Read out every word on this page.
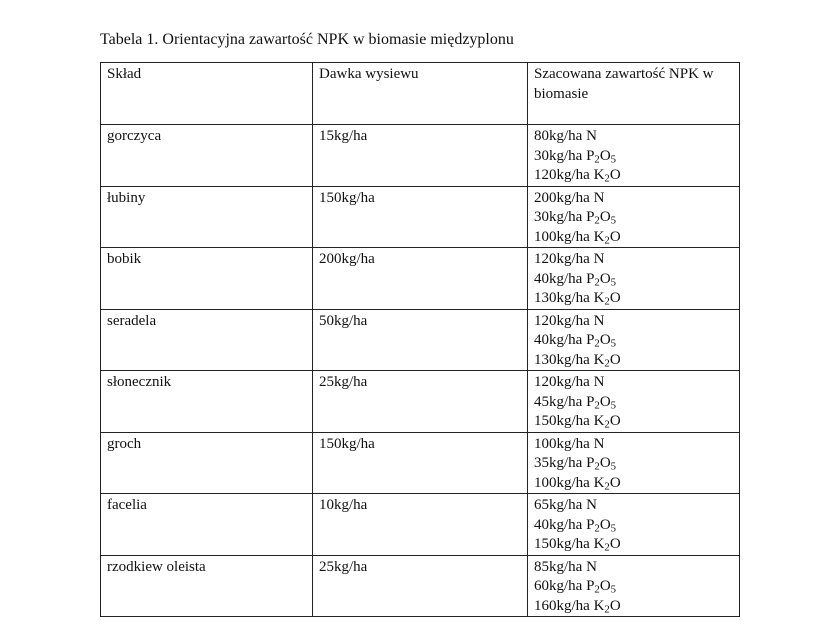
Tabela 1. Orientacyjna zawartość NPK w biomasie międzyplonu
Skład	Dawka wysiewu	Szacowana zawartość NPK w biomasie
gorczyca	15kg/ha	80kg/ha N
30kg/ha $P_2O_5$
120kg/ha $K_2O$

łubiny	150kg/ha	200kg/ha N
30kg/ha $P_2O_5$
100kg/ha $K_2O$

bobik	200kg/ha	120kg/ha N
40kg/ha $P_2O_5$
130kg/ha $K_2O$

seradela	50kg/ha	120kg/ha N
40kg/ha $P_2O_5$
130kg/ha $K_2O$

słonecznik	25kg/ha	120kg/ha N
45kg/ha $P_2O_5$
150kg/ha $K_2O$

groch	150kg/ha	100kg/ha N
35kg/ha $P_2O_5$
100kg/ha $K_2O$

facelia	10kg/ha	65kg/ha N
40kg/ha $P_2O_5$
150kg/ha $K_2O$

rzodkiew oleista	25kg/ha	85kg/ha N
60kg/ha $P_2O_5$
160kg/ha $K_2O$
